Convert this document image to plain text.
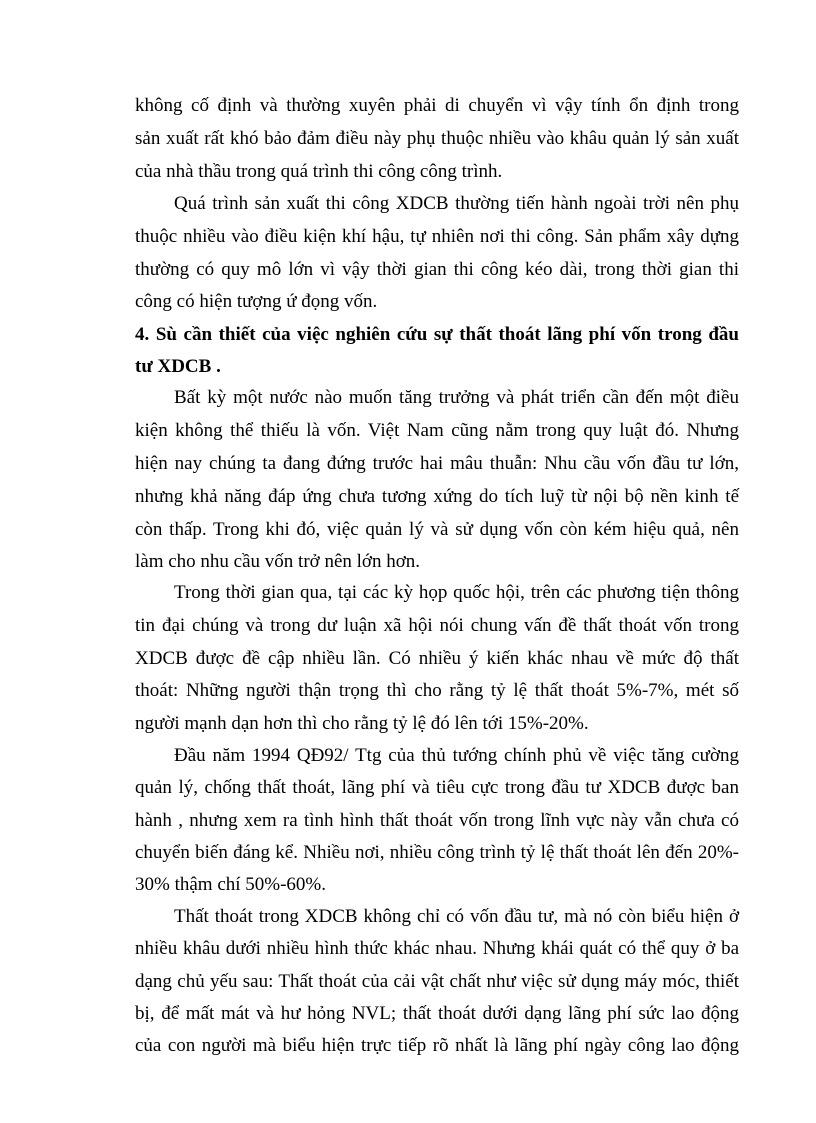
không cố định và thường xuyên phải di chuyển vì vậy tính ổn định trong
sản xuất rất khó bảo đảm điều này phụ thuộc nhiều vào khâu quản lý sản xuất
của nhà thầu trong quá trình thi công công trình.
Quá trình sản xuất thi công XDCB thường tiến hành ngoài trời nên phụ
thuộc nhiều vào điều kiện khí hậu, tự nhiên nơi thi công. Sản phẩm xây dựng
thường có quy mô lớn vì vậy thời gian thi công kéo dài, trong thời gian thi
công có hiện tượng ứ đọng vốn.
4. Sù cần thiết của việc nghiên cứu sự thất thoát lãng phí vốn trong đầu
tư XDCB .
Bất kỳ một nước nào muốn tăng trưởng và phát triển cần đến một điều
kiện không thể thiếu là vốn. Việt Nam cũng nằm trong quy luật đó. Nhưng
hiện nay chúng ta đang đứng trước hai mâu thuẫn: Nhu cầu vốn đầu tư lớn,
nhưng khả năng đáp ứng chưa tương xứng do tích luỹ từ nội bộ nền kinh tế
còn thấp. Trong khi đó, việc quản lý và sử dụng vốn còn kém hiệu quả, nên
làm cho nhu cầu vốn trở nên lớn hơn.
Trong thời gian qua, tại các kỳ họp quốc hội, trên các phương tiện thông
tin đại chúng và trong dư luận xã hội nói chung vấn đề thất thoát vốn trong
XDCB được đề cập nhiều lần. Có nhiều ý kiến khác nhau về mức độ thất
thoát: Những người thận trọng thì cho rằng tỷ lệ thất thoát 5%-7%, mét số
người mạnh dạn hơn thì cho rằng tỷ lệ đó lên tới 15%-20%.
Đầu năm 1994 QĐ92/ Ttg của thủ tướng chính phủ về việc tăng cường
quản lý, chống thất thoát, lãng phí và tiêu cực trong đầu tư XDCB được ban
hành , nhưng xem ra tình hình thất thoát vốn trong lĩnh vực này vẫn chưa có
chuyển biến đáng kể. Nhiều nơi, nhiều công trình tỷ lệ thất thoát lên đến 20%-
30% thậm chí 50%-60%.
Thất thoát trong XDCB không chỉ có vốn đầu tư, mà nó còn biểu hiện ở
nhiều khâu dưới nhiều hình thức khác nhau. Nhưng khái quát có thể quy ở ba
dạng chủ yếu sau: Thất thoát của cải vật chất như việc sử dụng máy móc, thiết
bị, để mất mát và hư hỏng NVL; thất thoát dưới dạng lãng phí sức lao động
của con người mà biểu hiện trực tiếp rõ nhất là lãng phí ngày công lao động
